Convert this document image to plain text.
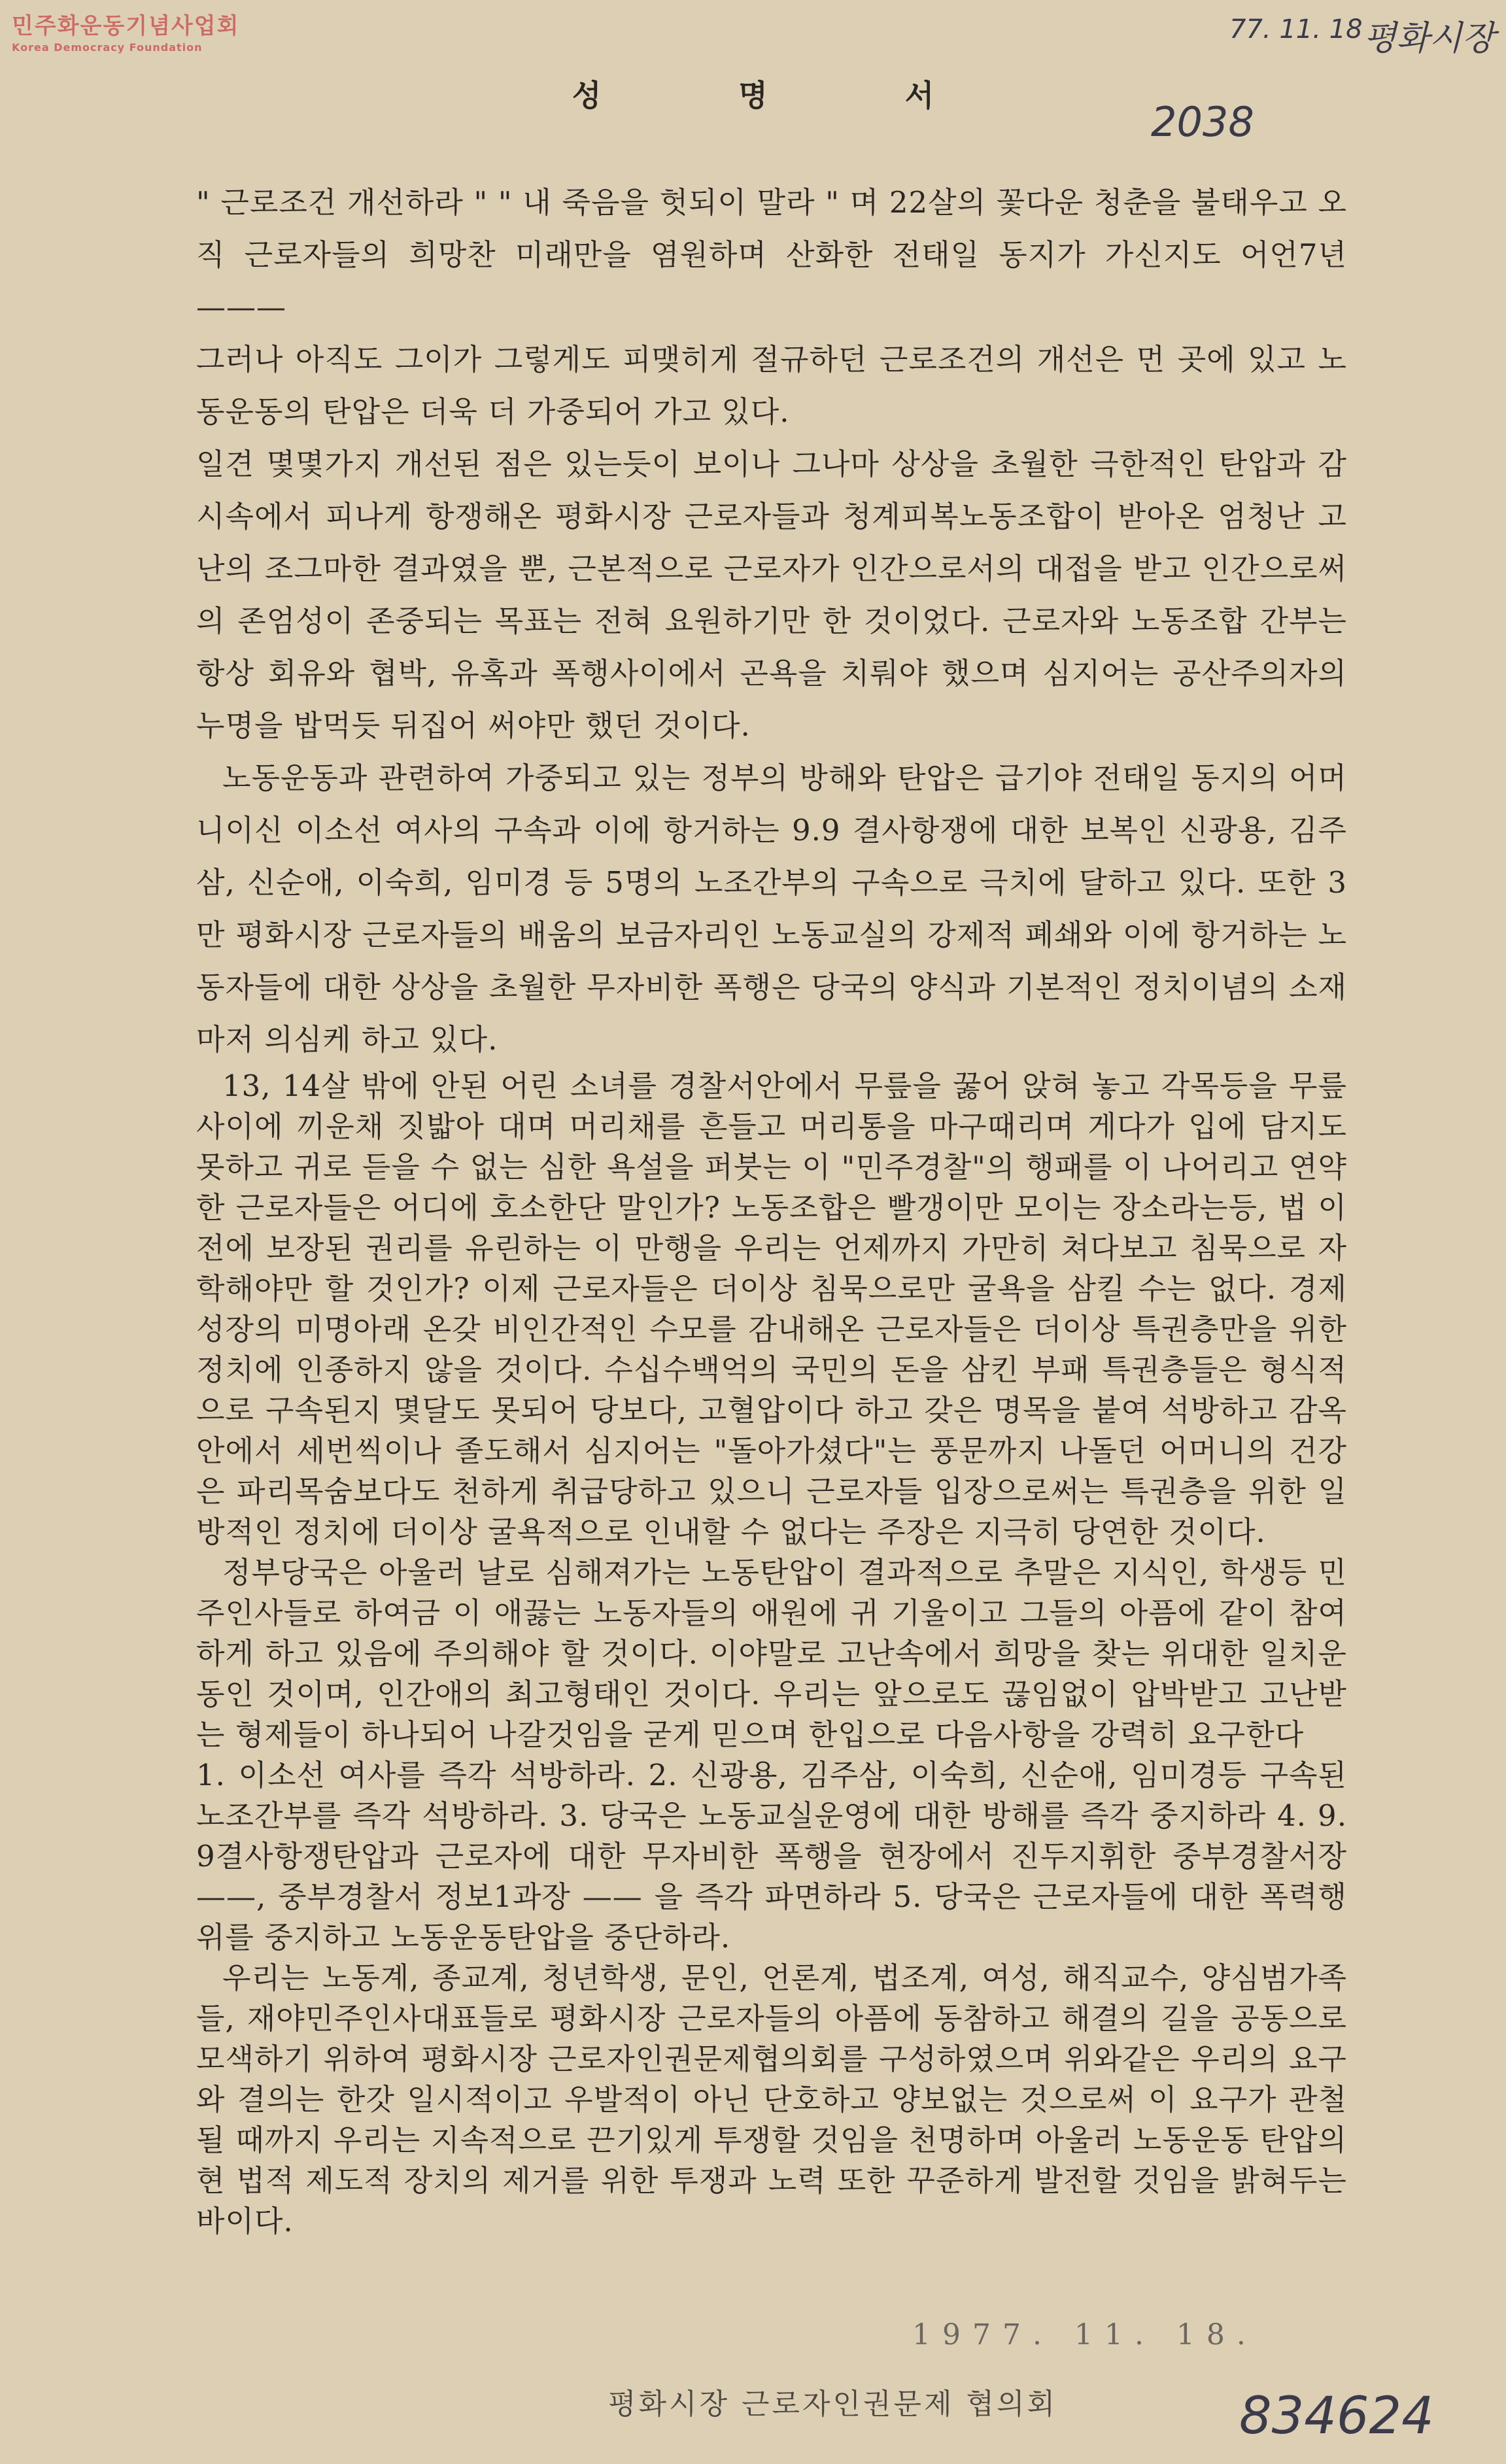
민주화운동기념사업회
Korea Democracy Foundation
77. 11. 18 평화시장
2038
성명서

" 근로조건 개선하라 " " 내 죽음을 헛되이 말라 " 며 22살의 꽃다운 청춘을 불태우고 오직 근로자들의 희망찬 미래만을 염원하며 산화한 전태일 동지가 가신지도 어언7년 ———

그러나 아직도 그이가 그렇게도 피맺히게 절규하던 근로조건의 개선은 먼 곳에 있고 노동운동의 탄압은 더욱 더 가중되어 가고 있다.

일견 몇몇가지 개선된 점은 있는듯이 보이나 그나마 상상을 초월한 극한적인 탄압과 감시속에서 피나게 항쟁해온 평화시장 근로자들과 청계피복노동조합이 받아온 엄청난 고난의 조그마한 결과였을 뿐, 근본적으로 근로자가 인간으로서의 대접을 받고 인간으로써의 존엄성이 존중되는 목표는 전혀 요원하기만 한 것이었다. 근로자와 노동조합 간부는 항상 회유와 협박, 유혹과 폭행사이에서 곤욕을 치뤄야 했으며 심지어는 공산주의자의 누명을 밥먹듯 뒤집어 써야만 했던 것이다.

노동운동과 관련하여 가중되고 있는 정부의 방해와 탄압은 급기야 전태일 동지의 어머니이신 이소선 여사의 구속과 이에 항거하는 9.9 결사항쟁에 대한 보복인 신광용, 김주삼, 신순애, 이숙희, 임미경 등 5명의 노조간부의 구속으로 극치에 달하고 있다. 또한 3만 평화시장 근로자들의 배움의 보금자리인 노동교실의 강제적 폐쇄와 이에 항거하는 노동자들에 대한 상상을 초월한 무자비한 폭행은 당국의 양식과 기본적인 정치이념의 소재마저 의심케 하고 있다.

13, 14살 밖에 안된 어린 소녀를 경찰서안에서 무릎을 꿇어 앉혀 놓고 각목등을 무릎사이에 끼운채 짓밟아 대며 머리채를 흔들고 머리통을 마구때리며 게다가 입에 담지도 못하고 귀로 듣을 수 없는 심한 욕설을 퍼붓는 이 "민주경찰"의 행패를 이 나어리고 연약한 근로자들은 어디에 호소한단 말인가? 노동조합은 빨갱이만 모이는 장소라는등, 법 이전에 보장된 권리를 유린하는 이 만행을 우리는 언제까지 가만히 쳐다보고 침묵으로 자학해야만 할 것인가? 이제 근로자들은 더이상 침묵으로만 굴욕을 삼킬 수는 없다. 경제성장의 미명아래 온갖 비인간적인 수모를 감내해온 근로자들은 더이상 특권층만을 위한 정치에 인종하지 않을 것이다. 수십수백억의 국민의 돈을 삼킨 부패 특권층들은 형식적으로 구속된지 몇달도 못되어 당보다, 고혈압이다 하고 갖은 명목을 붙여 석방하고 감옥안에서 세번씩이나 졸도해서 심지어는 "돌아가셨다"는 풍문까지 나돌던 어머니의 건강은 파리목숨보다도 천하게 취급당하고 있으니 근로자들 입장으로써는 특권층을 위한 일방적인 정치에 더이상 굴욕적으로 인내할 수 없다는 주장은 지극히 당연한 것이다.

정부당국은 아울러 날로 심해져가는 노동탄압이 결과적으로 추말은 지식인, 학생등 민주인사들로 하여금 이 애끓는 노동자들의 애원에 귀 기울이고 그들의 아픔에 같이 참여하게 하고 있음에 주의해야 할 것이다. 이야말로 고난속에서 희망을 찾는 위대한 일치운동인 것이며, 인간애의 최고형태인 것이다. 우리는 앞으로도 끊임없이 압박받고 고난받는 형제들이 하나되어 나갈것임을 굳게 믿으며 한입으로 다음사항을 강력히 요구한다

1. 이소선 여사를 즉각 석방하라. 2. 신광용, 김주삼, 이숙희, 신순애, 임미경등 구속된 노조간부를 즉각 석방하라. 3. 당국은 노동교실운영에 대한 방해를 즉각 중지하라 4. 9. 9결사항쟁탄압과 근로자에 대한 무자비한 폭행을 현장에서 진두지휘한 중부경찰서장 ——, 중부경찰서 정보1과장 —— 을 즉각 파면하라 5. 당국은 근로자들에 대한 폭력행위를 중지하고 노동운동탄압을 중단하라.

우리는 노동계, 종교계, 청년학생, 문인, 언론계, 법조계, 여성, 해직교수, 양심범가족들, 재야민주인사대표들로 평화시장 근로자들의 아픔에 동참하고 해결의 길을 공동으로 모색하기 위하여 평화시장 근로자인권문제협의회를 구성하였으며 위와같은 우리의 요구와 결의는 한갓 일시적이고 우발적이 아닌 단호하고 양보없는 것으로써 이 요구가 관철될 때까지 우리는 지속적으로 끈기있게 투쟁할 것임을 천명하며 아울러 노동운동 탄압의 현 법적 제도적 장치의 제거를 위한 투쟁과 노력 또한 꾸준하게 발전할 것임을 밝혀두는 바이다.

1977. 11. 18.
평화시장 근로자인권문제 협의회	834624
